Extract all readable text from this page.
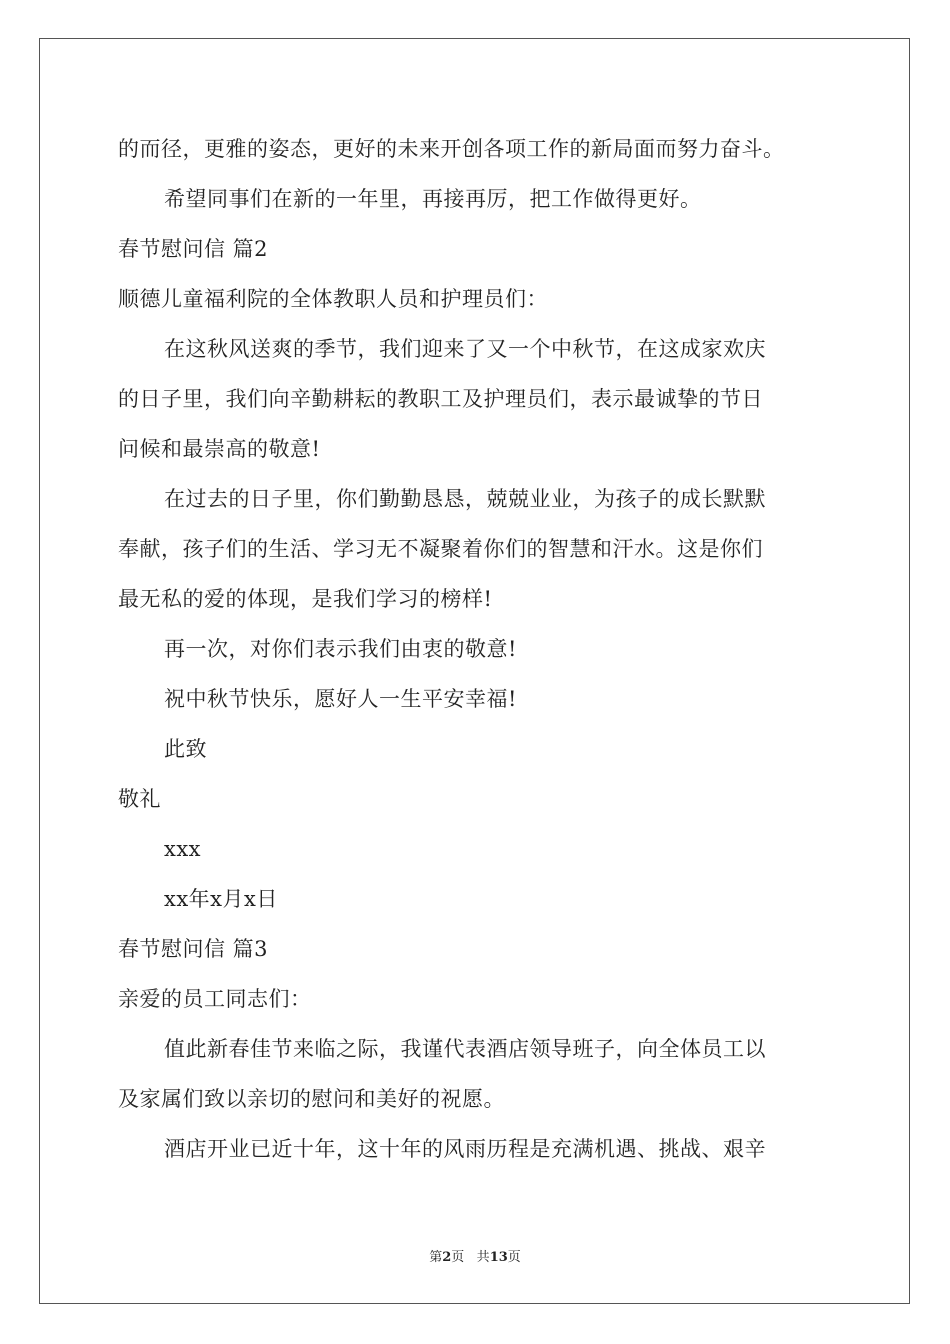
的而径，更雅的姿态，更好的未来开创各项工作的新局面而努力奋斗。
希望同事们在新的一年里，再接再厉，把工作做得更好。
春节慰问信 篇2
顺德儿童福利院的全体教职人员和护理员们：
在这秋风送爽的季节，我们迎来了又一个中秋节，在这成家欢庆
的日子里，我们向辛勤耕耘的教职工及护理员们，表示最诚挚的节日
问候和最崇高的敬意!
在过去的日子里，你们勤勤恳恳，兢兢业业，为孩子的成长默默
奉献，孩子们的生活、学习无不凝聚着你们的智慧和汗水。这是你们
最无私的爱的体现，是我们学习的榜样!
再一次，对你们表示我们由衷的敬意!
祝中秋节快乐，愿好人一生平安幸福!
此致
敬礼
xxx
xx年x月x日
春节慰问信 篇3
亲爱的员工同志们：
值此新春佳节来临之际，我谨代表酒店领导班子，向全体员工以
及家属们致以亲切的慰问和美好的祝愿。
酒店开业已近十年，这十年的风雨历程是充满机遇、挑战、艰辛
第2页 共13页
